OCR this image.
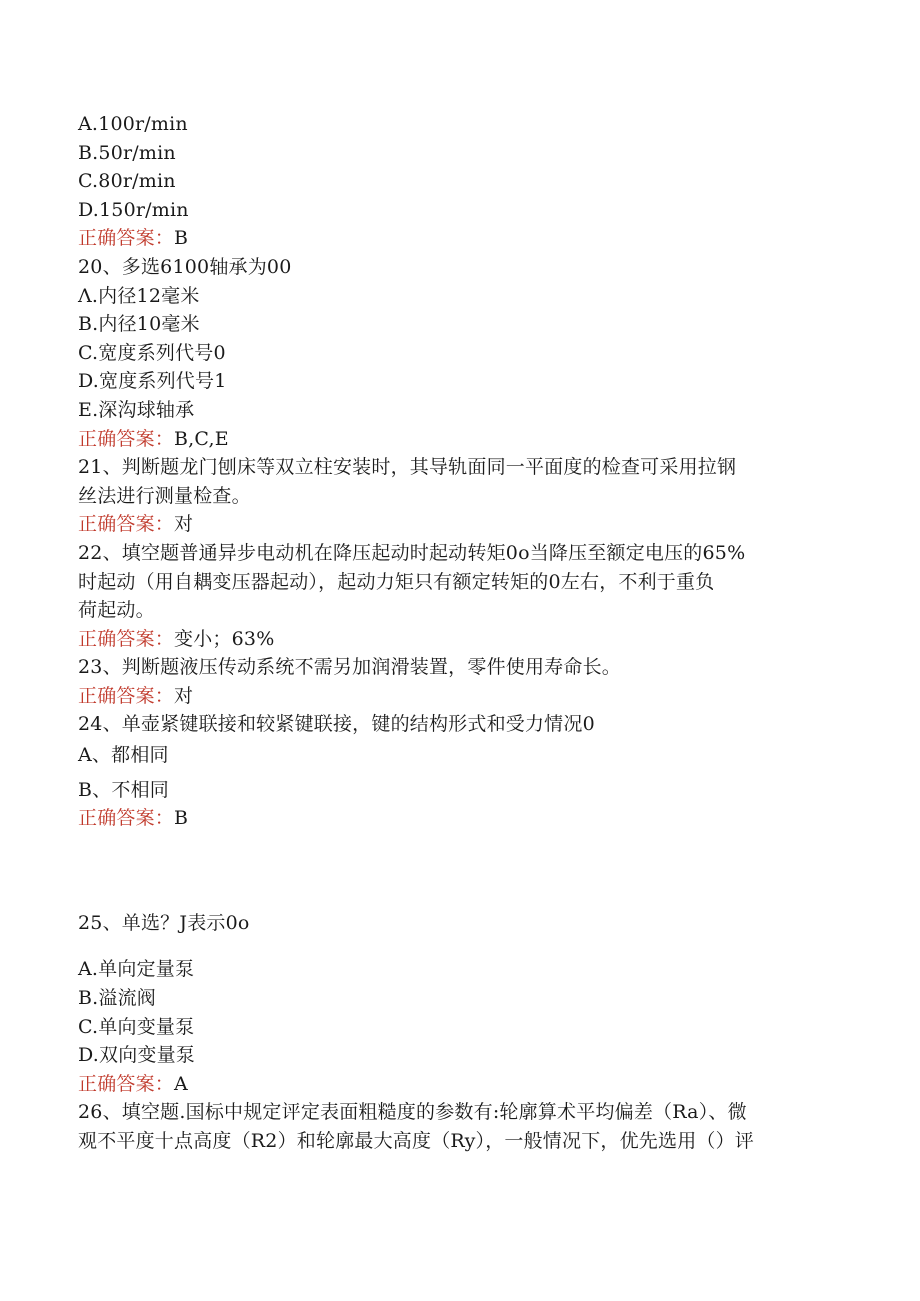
A.100r/min
B.50r/min
C.80r/min
D.150r/min
正确答案：B
20、多选6100轴承为00
Λ.内径12毫米
B.内径10毫米
C.宽度系列代号0
D.宽度系列代号1
E.深沟球轴承
正确答案：B,C,E
21、判断题龙门刨床等双立柱安装时，其导轨面同一平面度的检查可采用拉钢
丝法进行测量检查。
正确答案：对
22、填空题普通异步电动机在降压起动时起动转矩0o当降压至额定电压的65%
时起动（用自耦变压器起动），起动力矩只有额定转矩的0左右，不利于重负
荷起动。
正确答案：变小；63%
23、判断题液压传动系统不需另加润滑装置，零件使用寿命长。
正确答案：对
24、单壶紧键联接和较紧键联接，键的结构形式和受力情况0
A、都相同
B、不相同
正确答案：B
25、单选？J表示0o
A.单向定量泵
B.溢流阀
C.单向变量泵
D.双向变量泵
正确答案：A
26、填空题.国标中规定评定表面粗糙度的参数有:轮廓算术平均偏差（Ra）、微
观不平度十点高度（R2）和轮廓最大高度（Ry），一般情况下，优先选用（）评
